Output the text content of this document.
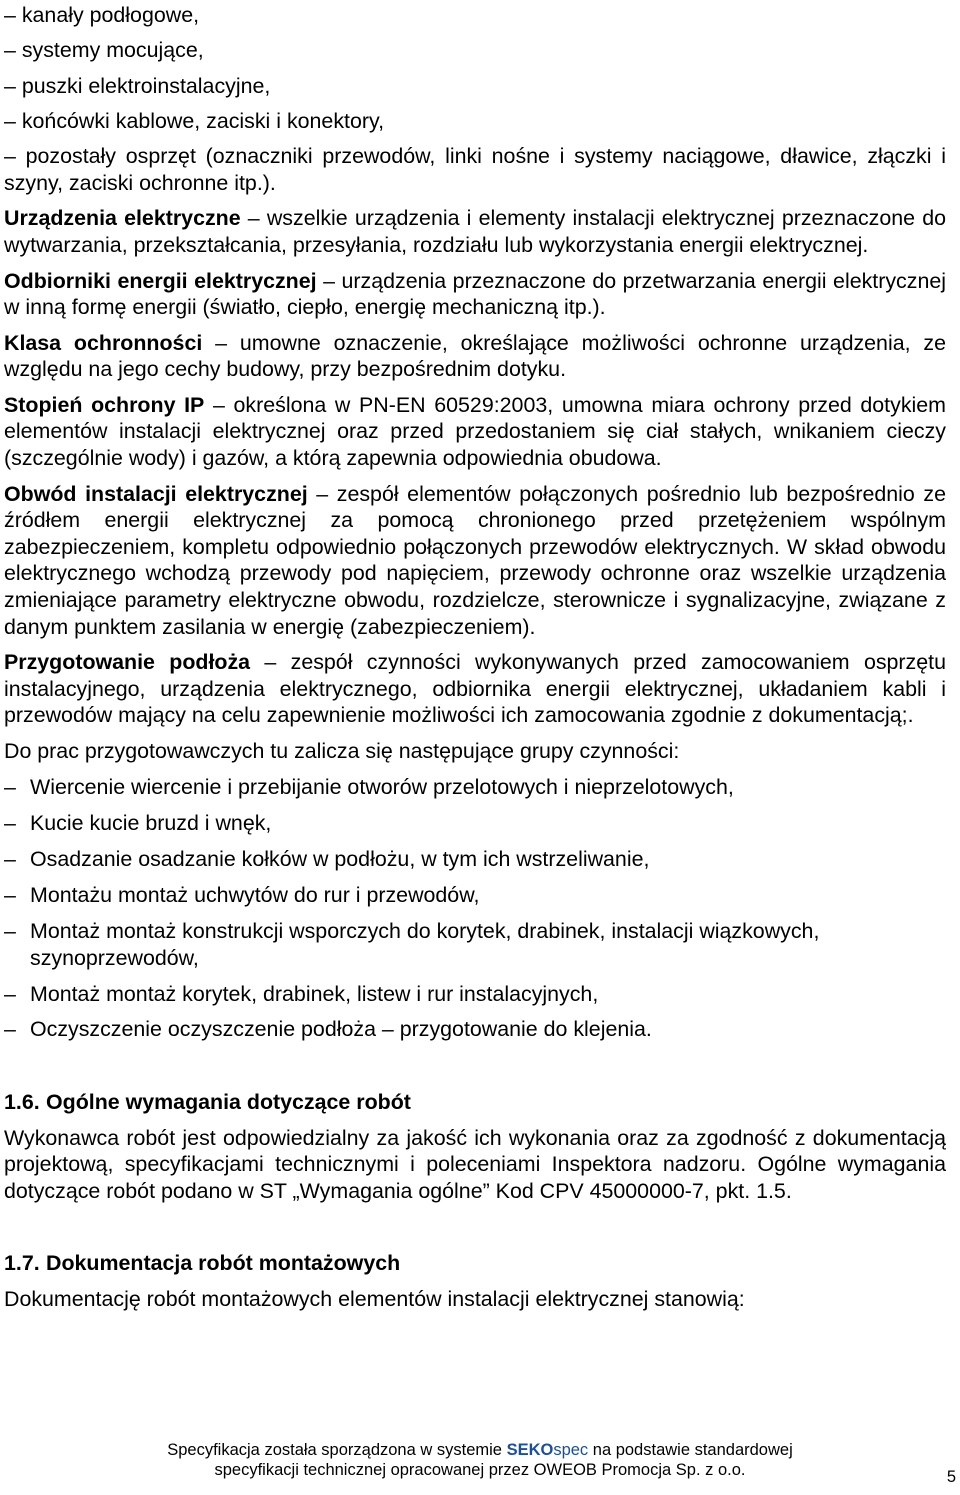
– kanały podłogowe,

– systemy mocujące,

– puszki elektroinstalacyjne,

– końcówki kablowe, zaciski i konektory,

– pozostały osprzęt (oznaczniki przewodów, linki nośne i systemy naciągowe, dławice, złączki i szyny, zaciski ochronne itp.).

Urządzenia elektryczne – wszelkie urządzenia i elementy instalacji elektrycznej przeznaczone do wytwarzania, przekształcania, przesyłania, rozdziału lub wykorzystania energii elektrycznej.

Odbiorniki energii elektrycznej – urządzenia przeznaczone do przetwarzania energii elektrycznej w inną formę energii (światło, ciepło, energię mechaniczną itp.).

Klasa ochronności – umowne oznaczenie, określające możliwości ochronne urządzenia, ze względu na jego cechy budowy, przy bezpośrednim dotyku.

Stopień ochrony IP – określona w PN-EN 60529:2003, umowna miara ochrony przed dotykiem elementów instalacji elektrycznej oraz przed przedostaniem się ciał stałych, wnikaniem cieczy (szczególnie wody) i gazów, a którą zapewnia odpowiednia obudowa.

Obwód instalacji elektrycznej – zespół elementów połączonych pośrednio lub bezpośrednio ze źródłem energii elektrycznej za pomocą chronionego przed przetężeniem wspólnym zabezpieczeniem, kompletu odpowiednio połączonych przewodów elektrycznych. W skład obwodu elektrycznego wchodzą przewody pod napięciem, przewody ochronne oraz wszelkie urządzenia zmieniające parametry elektryczne obwodu, rozdzielcze, sterownicze i sygnalizacyjne, związane z danym punktem zasilania w energię (zabezpieczeniem).

Przygotowanie podłoża – zespół czynności wykonywanych przed zamocowaniem osprzętu instalacyjnego, urządzenia elektrycznego, odbiornika energii elektrycznej, układaniem kabli i przewodów mający na celu zapewnienie możliwości ich zamocowania zgodnie z dokumentacją;.

Do prac przygotowawczych tu zalicza się następujące grupy czynności:

– Wiercenie wiercenie i przebijanie otworów przelotowych i nieprzelotowych,
– Kucie kucie bruzd i wnęk,
– Osadzanie osadzanie kołków w podłożu, w tym ich wstrzeliwanie,
– Montażu montaż uchwytów do rur i przewodów,
– Montaż montaż konstrukcji wsporczych do korytek, drabinek, instalacji wiązkowych, szynoprzewodów,
– Montaż montaż korytek, drabinek, listew i rur instalacyjnych,
– Oczyszczenie oczyszczenie podłoża – przygotowanie do klejenia.
1.6. Ogólne wymagania dotyczące robót

Wykonawca robót jest odpowiedzialny za jakość ich wykonania oraz za zgodność z dokumentacją projektową, specyfikacjami technicznymi i poleceniami Inspektora nadzoru. Ogólne wymagania dotyczące robót podano w ST „Wymagania ogólne” Kod CPV 45000000-7, pkt. 1.5.

1.7. Dokumentacja robót montażowych

Dokumentację robót montażowych elementów instalacji elektrycznej stanowią:

Specyfikacja została sporządzona w systemie SEKOspec na podstawie standardowej
specyfikacji technicznej opracowanej przez OWEOB Promocja Sp. z o.o.	5
